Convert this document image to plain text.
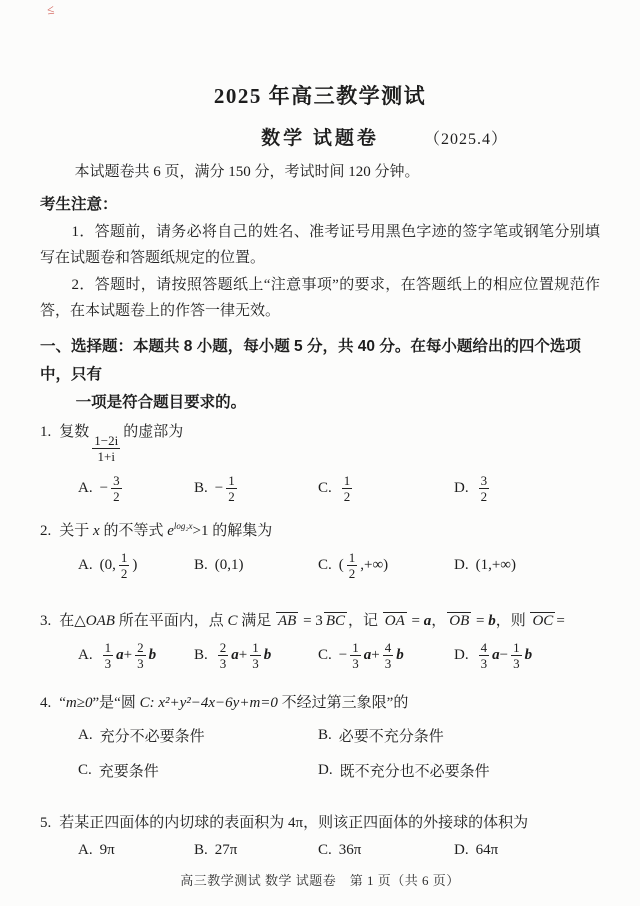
≤
2025 年高三教学测试
数学 试题卷	（2025.4）

本试题卷共 6 页，满分 150 分，考试时间 120 分钟。

考生注意：

1．答题前，请务必将自己的姓名、准考证号用黑色字迹的签字笔或钢笔分别填写在试题卷和答题纸规定的位置。

2．答题时，请按照答题纸上“注意事项”的要求，在答题纸上的相应位置规范作答，在本试题卷上的作答一律无效。

一、选择题：本题共 8 小题，每小题 5 分，共 40 分。在每小题给出的四个选项中，只有
一项是符合题目要求的。

1. 复数
$\frac{1-2i}{1+i}$
的虚部为

A. − $\frac{3}{2}$	B. − $\frac{1}{2}$	C. $\frac{1}{2}$	D. $\frac{3}{2}$

2. 关于 x 的不等式 $e^{log_2x}>1$ 的解集为

A. (0, $\frac{1}{2}$ )	B. (0,1)	C. ( $\frac{1}{2}$ ,+∞)	D. (1,+∞)

3. 在△OAB 所在平面内，点 C 满足 AB = 3 BC ，记 OA = a， OB = b，则 OC =

A. $\frac{1}{3}$ $a + \frac{2}{3}$ b	B. $\frac{2}{3}$ $a + \frac{1}{3}$ b	C. − $\frac{1}{3}$ $a + \frac{4}{3}$ b	D. $\frac{4}{3}$ $a - \frac{1}{3}$ b

4. “m≥0”是“圆 C: x²+y²−4x−6y+m=0 不经过第三象限”的

A. 充分不必要条件	B. 必要不充分条件
C. 充要条件	D. 既不充分也不必要条件

5. 若某正四面体的内切球的表面积为 4π，则该正四面体的外接球的体积为

A. 9π	B. 27π	C. 36π	D. 64π

高三教学测试 数学 试题卷　第 1 页（共 6 页）
